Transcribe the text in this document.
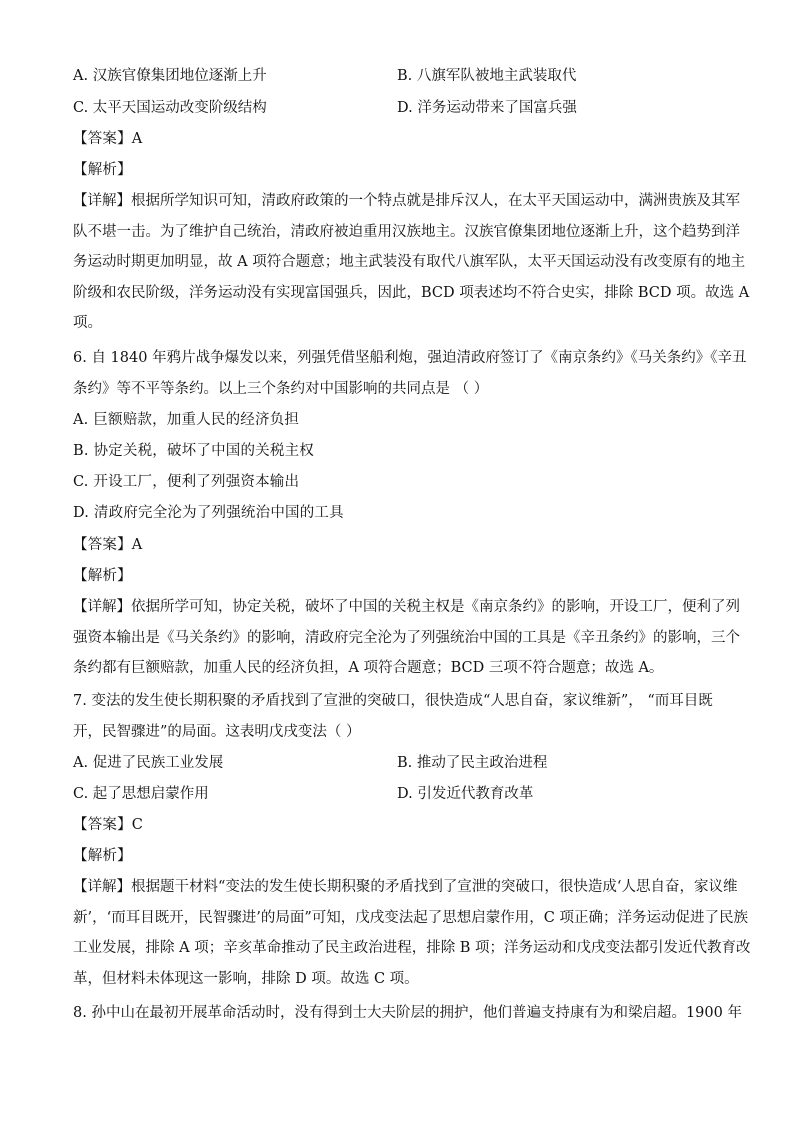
A. 汉族官僚集团地位逐渐上升	B. 八旗军队被地主武装取代
C. 太平天国运动改变阶级结构	D. 洋务运动带来了国富兵强
【答案】A
【解析】
【详解】根据所学知识可知，清政府政策的一个特点就是排斥汉人，在太平天国运动中，满洲贵族及其军
队不堪一击。为了维护自己统治，清政府被迫重用汉族地主。汉族官僚集团地位逐渐上升，这个趋势到洋
务运动时期更加明显，故 A 项符合题意；地主武装没有取代八旗军队，太平天国运动没有改变原有的地主
阶级和农民阶级，洋务运动没有实现富国强兵，因此，BCD 项表述均不符合史实，排除 BCD 项。故选 A
项。
6. 自 1840 年鸦片战争爆发以来，列强凭借坚船利炮，强迫清政府签订了《南京条约》《马关条约》《辛丑
条约》等不平等条约。以上三个条约对中国影响的共同点是 （ ）
A. 巨额赔款，加重人民的经济负担
B. 协定关税，破坏了中国的关税主权
C. 开设工厂，便利了列强资本输出
D. 清政府完全沦为了列强统治中国的工具
【答案】A
【解析】
【详解】依据所学可知，协定关税，破坏了中国的关税主权是《南京条约》的影响，开设工厂，便利了列
强资本输出是《马关条约》的影响，清政府完全沦为了列强统治中国的工具是《辛丑条约》的影响，三个
条约都有巨额赔款，加重人民的经济负担，A 项符合题意；BCD 三项不符合题意；故选 A。
7. 变法的发生使长期积聚的矛盾找到了宣泄的突破口，很快造成“人思自奋，家议维新”， “而耳目既
开，民智骤进”的局面。这表明戊戌变法（ ）
A. 促进了民族工业发展	B. 推动了民主政治进程
C. 起了思想启蒙作用	D. 引发近代教育改革
【答案】C
【解析】
【详解】根据题干材料“变法的发生使长期积聚的矛盾找到了宣泄的突破口，很快造成‘人思自奋，家议维
新’，‘而耳目既开，民智骤进’的局面”可知，戊戌变法起了思想启蒙作用，C 项正确；洋务运动促进了民族
工业发展，排除 A 项；辛亥革命推动了民主政治进程，排除 B 项；洋务运动和戊戌变法都引发近代教育改
革，但材料未体现这一影响，排除 D 项。故选 C 项。
8. 孙中山在最初开展革命活动时，没有得到士大夫阶层的拥护，他们普遍支持康有为和梁启超。1900 年
